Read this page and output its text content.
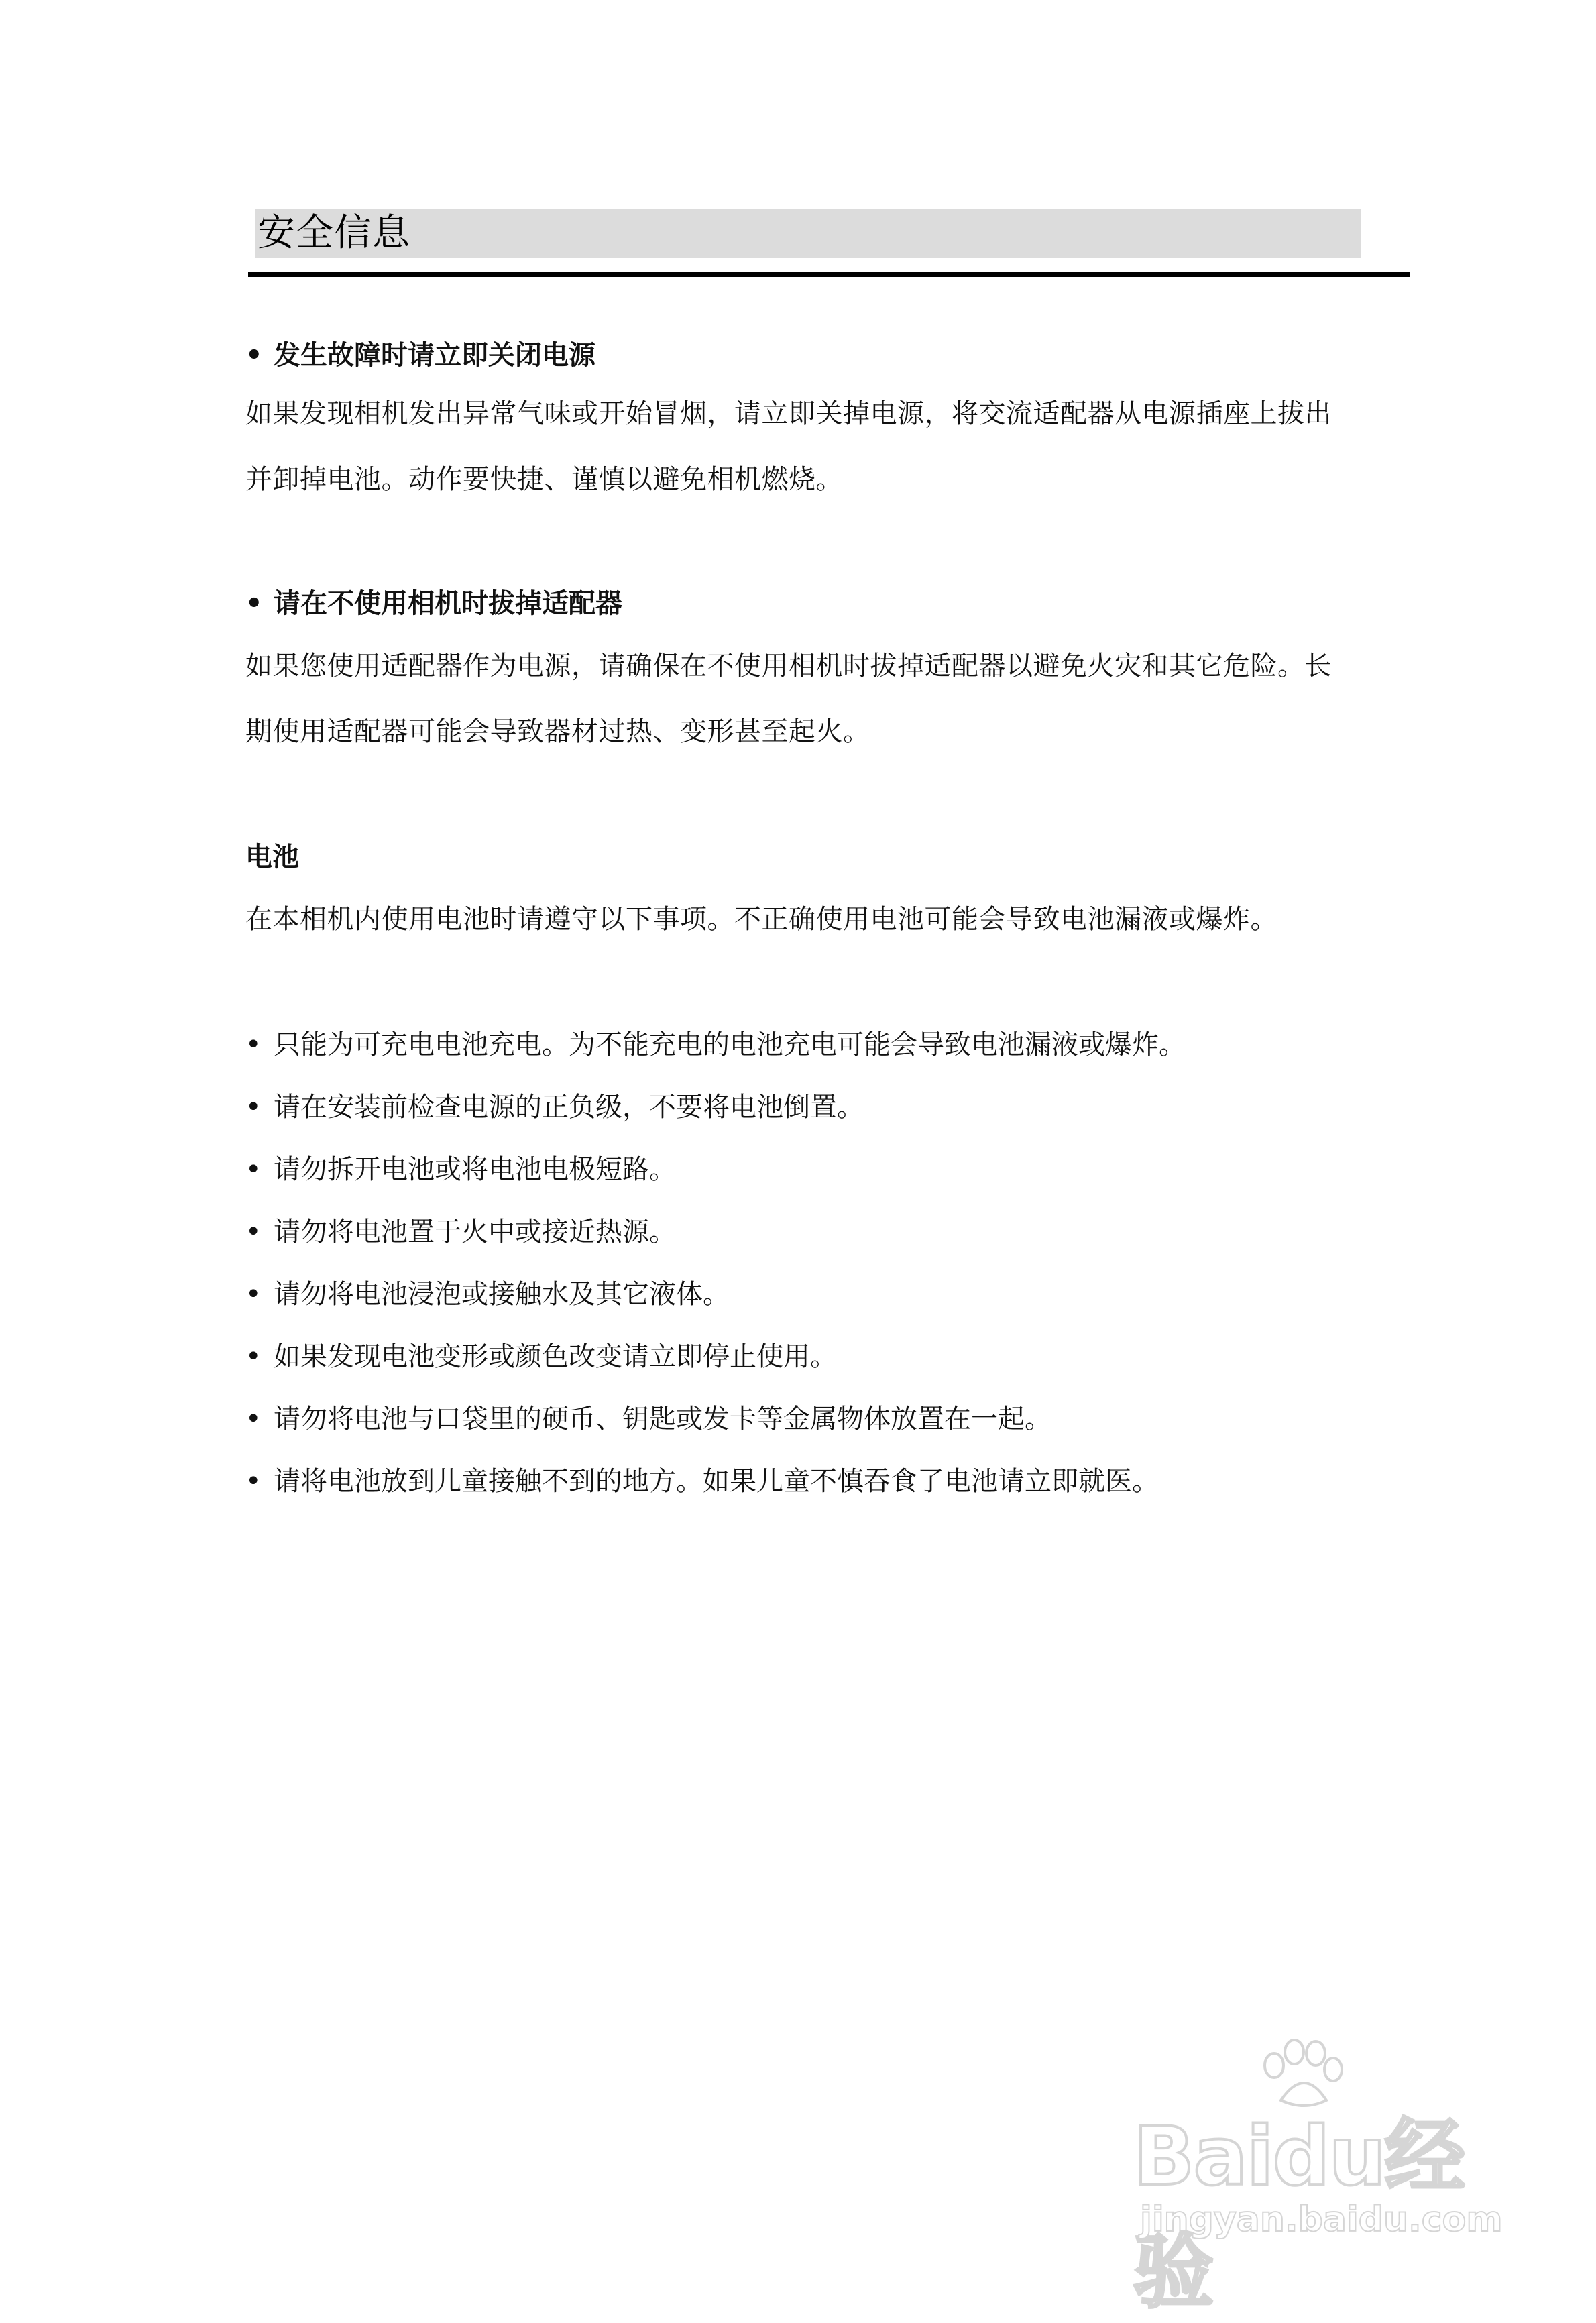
安全信息
• 发生故障时请立即关闭电源
如果发现相机发出异常气味或开始冒烟，请立即关掉电源，将交流适配器从电源插座上拔出
并卸掉电池。动作要快捷、谨慎以避免相机燃烧。
• 请在不使用相机时拔掉适配器
如果您使用适配器作为电源，请确保在不使用相机时拔掉适配器以避免火灾和其它危险。长
期使用适配器可能会导致器材过热、变形甚至起火。
电池
在本相机内使用电池时请遵守以下事项。不正确使用电池可能会导致电池漏液或爆炸。
• 只能为可充电电池充电。为不能充电的电池充电可能会导致电池漏液或爆炸。
• 请在安装前检查电源的正负级，不要将电池倒置。
• 请勿拆开电池或将电池电极短路。
• 请勿将电池置于火中或接近热源。
• 请勿将电池浸泡或接触水及其它液体。
• 如果发现电池变形或颜色改变请立即停止使用。
• 请勿将电池与口袋里的硬币、钥匙或发卡等金属物体放置在一起。
• 请将电池放到儿童接触不到的地方。如果儿童不慎吞食了电池请立即就医。
Baidu经验
jingyan.baidu.com
